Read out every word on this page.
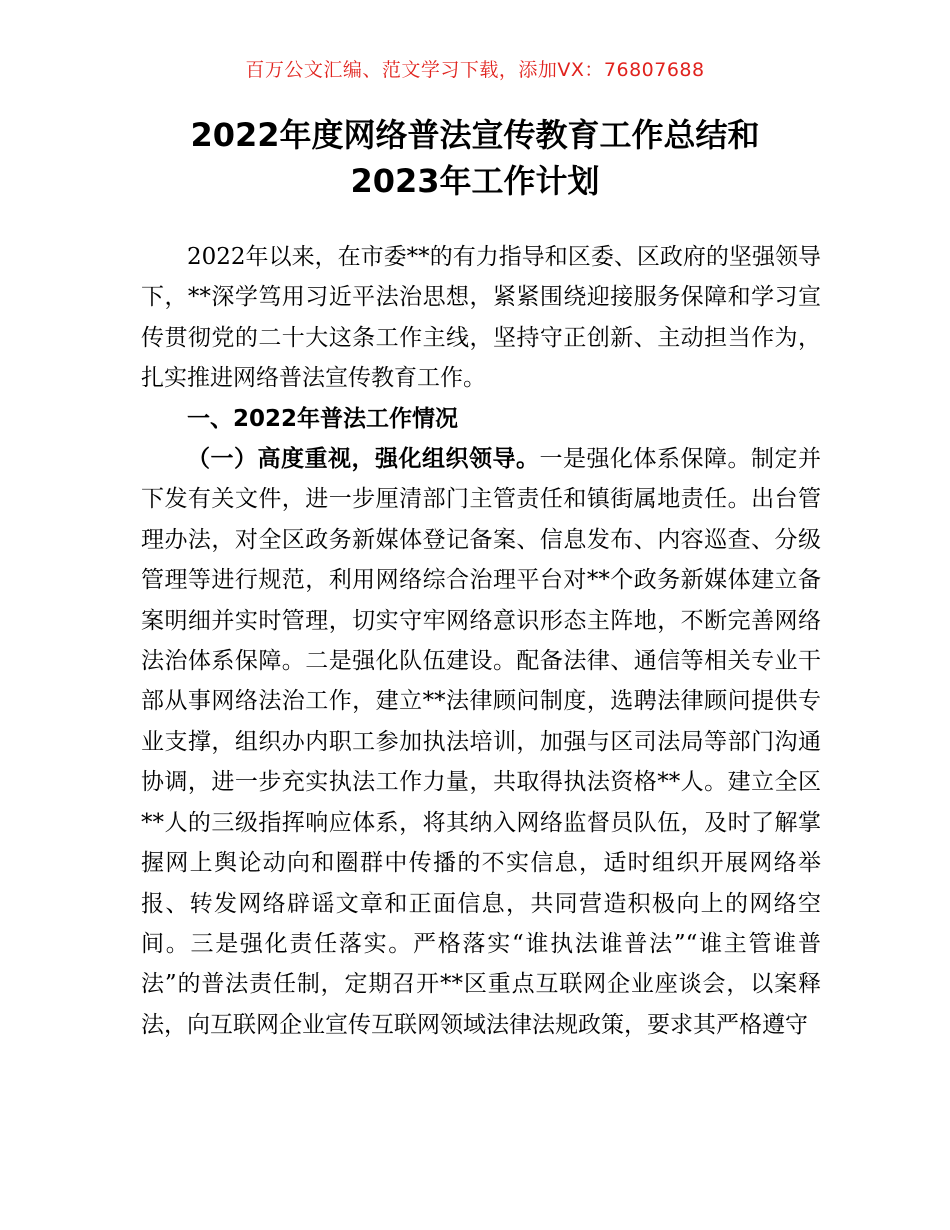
百万公文汇编、范文学习下载，添加VX：76807688
2022年度网络普法宣传教育工作总结和
2023年工作计划

2022年以来，在市委**的有力指导和区委、区政府的坚强领导下，**深学笃用习近平法治思想，紧紧围绕迎接服务保障和学习宣传贯彻党的二十大这条工作主线，坚持守正创新、主动担当作为，扎实推进网络普法宣传教育工作。

一、2022年普法工作情况

（一）高度重视，强化组织领导。一是强化体系保障。制定并下发有关文件，进一步厘清部门主管责任和镇街属地责任。出台管理办法，对全区政务新媒体登记备案、信息发布、内容巡查、分级管理等进行规范，利用网络综合治理平台对**个政务新媒体建立备案明细并实时管理，切实守牢网络意识形态主阵地，不断完善网络法治体系保障。二是强化队伍建设。配备法律、通信等相关专业干部从事网络法治工作，建立**法律顾问制度，选聘法律顾问提供专业支撑，组织办内职工参加执法培训，加强与区司法局等部门沟通协调，进一步充实执法工作力量，共取得执法资格**人。建立全区**人的三级指挥响应体系，将其纳入网络监督员队伍，及时了解掌握网上舆论动向和圈群中传播的不实信息，适时组织开展网络举报、转发网络辟谣文章和正面信息，共同营造积极向上的网络空间。三是强化责任落实。严格落实“谁执法谁普法”“谁主管谁普法”的普法责任制，定期召开**区重点互联网企业座谈会，以案释法，向互联网企业宣传互联网领域法律法规政策，要求其严格遵守
